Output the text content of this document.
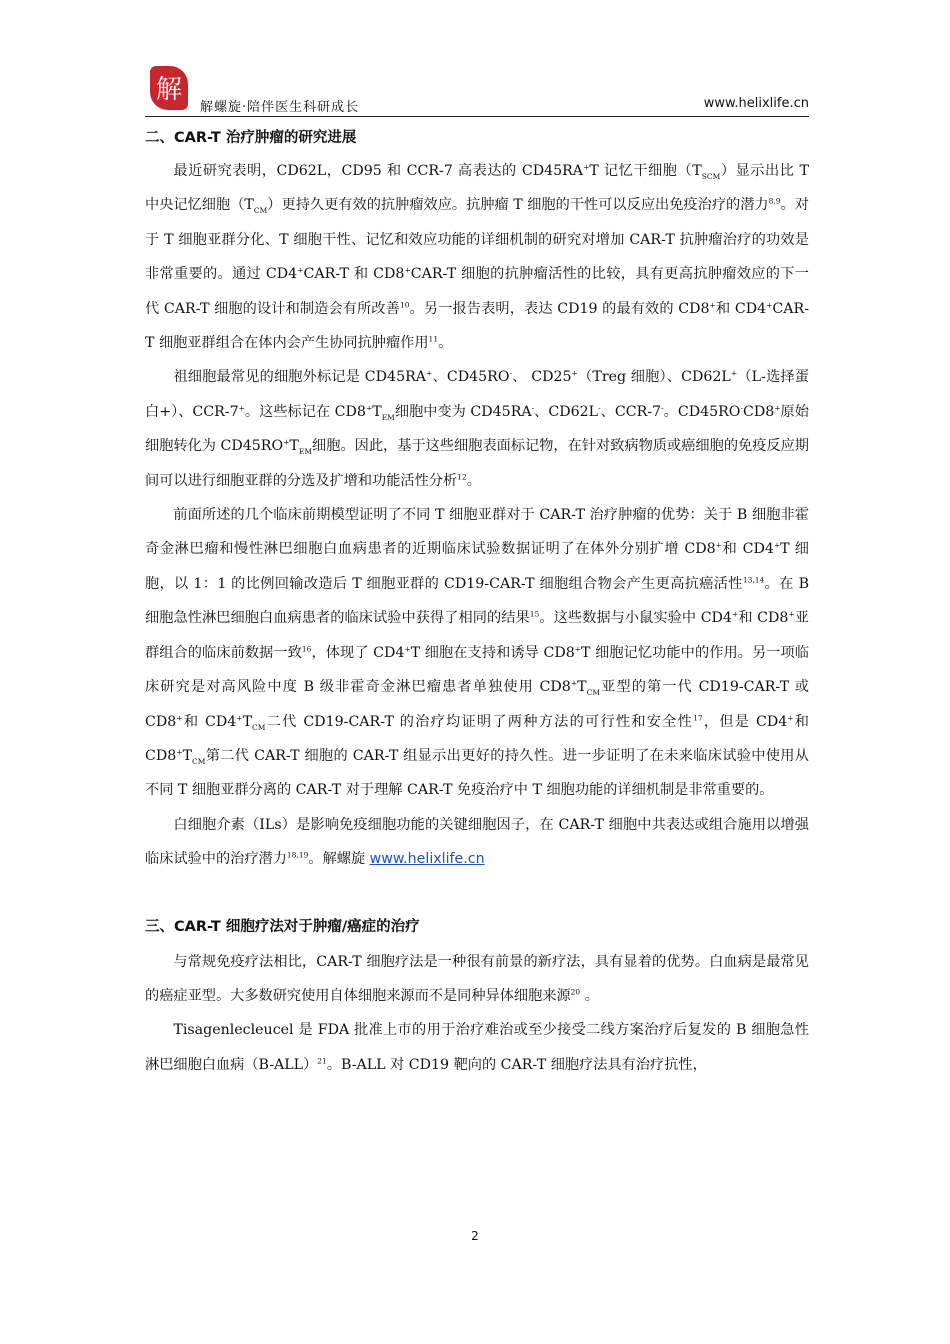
解
解螺旋·陪伴医生科研成长	www.helixlife.cn
二、CAR-T 治疗肿瘤的研究进展

最近研究表明，CD62L，CD95 和 CCR-7 高表达的 CD45RA+T 记忆干细胞$(T_{SCM})$显示出比 T 中央记忆细胞$(T_{CM})$更持久更有效的抗肿瘤效应。抗肿瘤 T 细胞的干性可以反应出免疫治疗的潜力$^{8,9}$。对于 T 细胞亚群分化、T 细胞干性、记忆和效应功能的详细机制的研究对增加 CAR-T 抗肿瘤治疗的功效是非常重要的。通过 CD4+CAR-T 和 CD8+CAR-T 细胞的抗肿瘤活性的比较，具有更高抗肿瘤效应的下一代 CAR-T 细胞的设计和制造会有所改善$^{10}$。另一报告表明，表达 CD19 的最有效的 CD8+和 CD4+CAR-T 细胞亚群组合在体内会产生协同抗肿瘤作用$^{11}$。

祖细胞最常见的细胞外标记是 CD45RA+、CD45RO-、 CD25+（Treg 细胞）、CD62L+（L-选择蛋白+）、CCR-7+。这些标记在 $CD8^+T_{EM}$细胞中变为 CD45RA-、CD62L-、CCR-7-。CD45RO-CD8+原始细胞转化为 $CD45RO^+T_{EM}$细胞。因此，基于这些细胞表面标记物，在针对致病物质或癌细胞的免疫反应期间可以进行细胞亚群的分选及扩增和功能活性分析$^{12}$。

前面所述的几个临床前期模型证明了不同 T 细胞亚群对于 CAR-T 治疗肿瘤的优势：关于 B 细胞非霍奇金淋巴瘤和慢性淋巴细胞白血病患者的近期临床试验数据证明了在体外分别扩增 CD8+和 CD4+T 细胞，以 1：1 的比例回输改造后 T 细胞亚群的 CD19-CAR-T 细胞组合物会产生更高抗癌活性$^{13,14}$。在 B 细胞急性淋巴细胞白血病患者的临床试验中获得了相同的结果$^{15}$。这些数据与小鼠实验中 CD4+和 CD8+亚群组合的临床前数据一致$^{16}$，体现了 CD4+T 细胞在支持和诱导 CD8+T 细胞记忆功能中的作用。另一项临床研究是对高风险中度 B 级非霍奇金淋巴瘤患者单独使用 $CD8^+T_{CM}$亚型的第一代 CD19-CAR-T 或 CD8+和 $CD4^+T_{CM}$二代 CD19-CAR-T 的治疗均证明了两种方法的可行性和安全性$^{17}$，但是 CD4+和 $CD8^+T_{CM}$第二代 CAR-T 细胞的 CAR-T 组显示出更好的持久性。进一步证明了在未来临床试验中使用从不同 T 细胞亚群分离的 CAR-T 对于理解 CAR-T 免疫治疗中 T 细胞功能的详细机制是非常重要的。

白细胞介素（ILs）是影响免疫细胞功能的关键细胞因子，在 CAR-T 细胞中共表达或组合施用以增强临床试验中的治疗潜力$^{18,19}$。解螺旋 www.helixlife.cn

三、CAR-T 细胞疗法对于肿瘤/癌症的治疗

与常规免疫疗法相比，CAR-T 细胞疗法是一种很有前景的新疗法，具有显着的优势。白血病是最常见的癌症亚型。大多数研究使用自体细胞来源而不是同种异体细胞来源$^{20}$ 。

Tisagenlecleucel 是 FDA 批准上市的用于治疗难治或至少接受二线方案治疗后复发的 B 细胞急性淋巴细胞白血病$(B-ALL)^{21}$。B-ALL 对 CD19 靶向的 CAR-T 细胞疗法具有治疗抗性，

2
